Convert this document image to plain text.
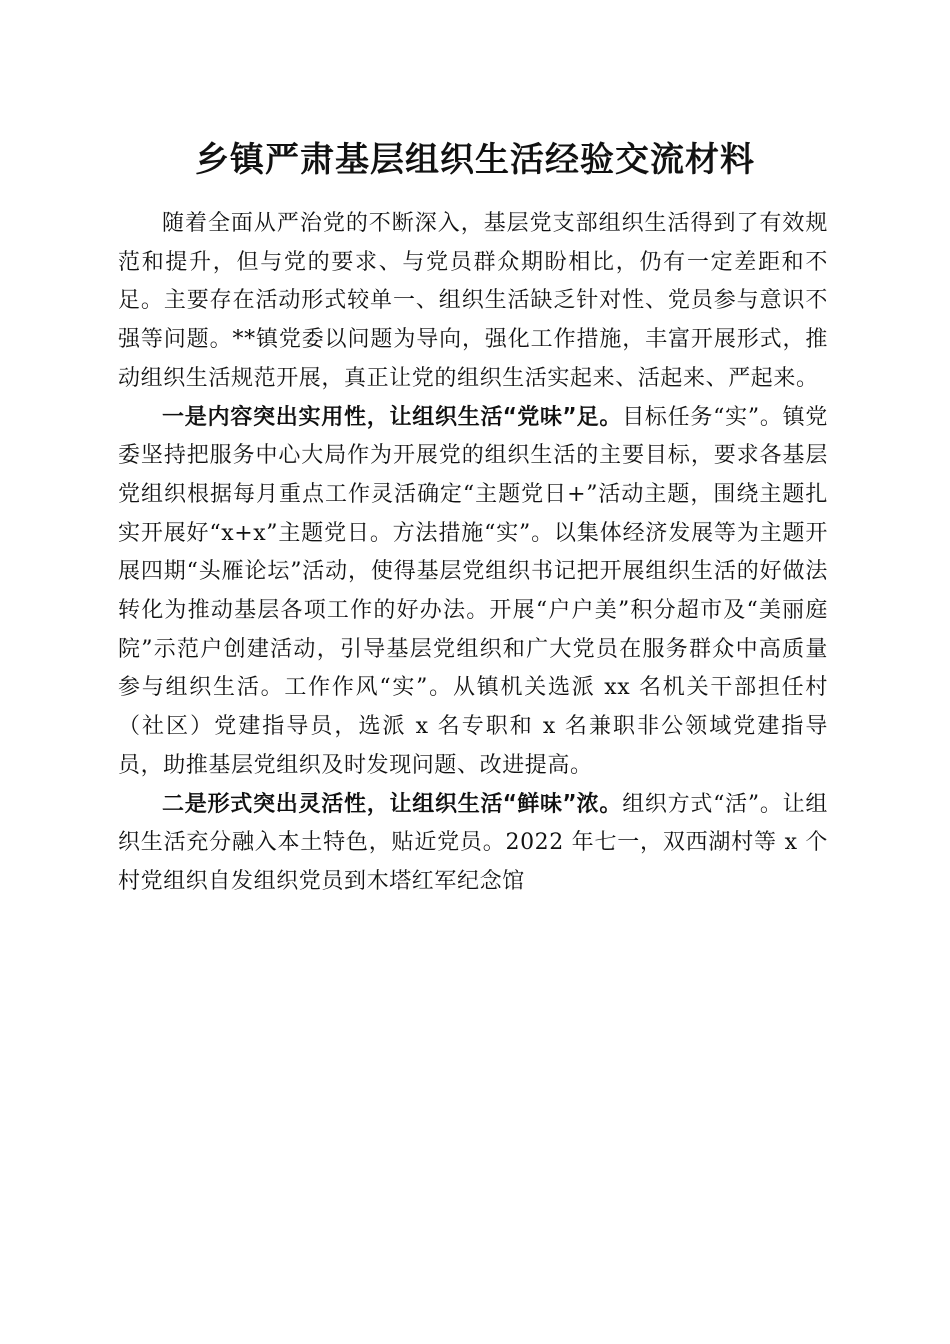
乡镇严肃基层组织生活经验交流材料

随着全面从严治党的不断深入，基层党支部组织生活得到了有效规范和提升，但与党的要求、与党员群众期盼相比，仍有一定差距和不足。主要存在活动形式较单一、组织生活缺乏针对性、党员参与意识不强等问题。**镇党委以问题为导向，强化工作措施，丰富开展形式，推动组织生活规范开展，真正让党的组织生活实起来、活起来、严起来。

一是内容突出实用性，让组织生活“党味”足。目标任务“实”。镇党委坚持把服务中心大局作为开展党的组织生活的主要目标，要求各基层党组织根据每月重点工作灵活确定“主题党日+”活动主题，围绕主题扎实开展好“x+x”主题党日。方法措施“实”。以集体经济发展等为主题开展四期“头雁论坛”活动，使得基层党组织书记把开展组织生活的好做法转化为推动基层各项工作的好办法。开展“户户美”积分超市及“美丽庭院”示范户创建活动，引导基层党组织和广大党员在服务群众中高质量参与组织生活。工作作风“实”。从镇机关选派 xx 名机关干部担任村（社区）党建指导员，选派 x 名专职和 x 名兼职非公领域党建指导员，助推基层党组织及时发现问题、改进提高。

二是形式突出灵活性，让组织生活“鲜味”浓。组织方式“活”。让组织生活充分融入本土特色，贴近党员。2022 年七一，双西湖村等 x 个村党组织自发组织党员到木塔红军纪念馆
